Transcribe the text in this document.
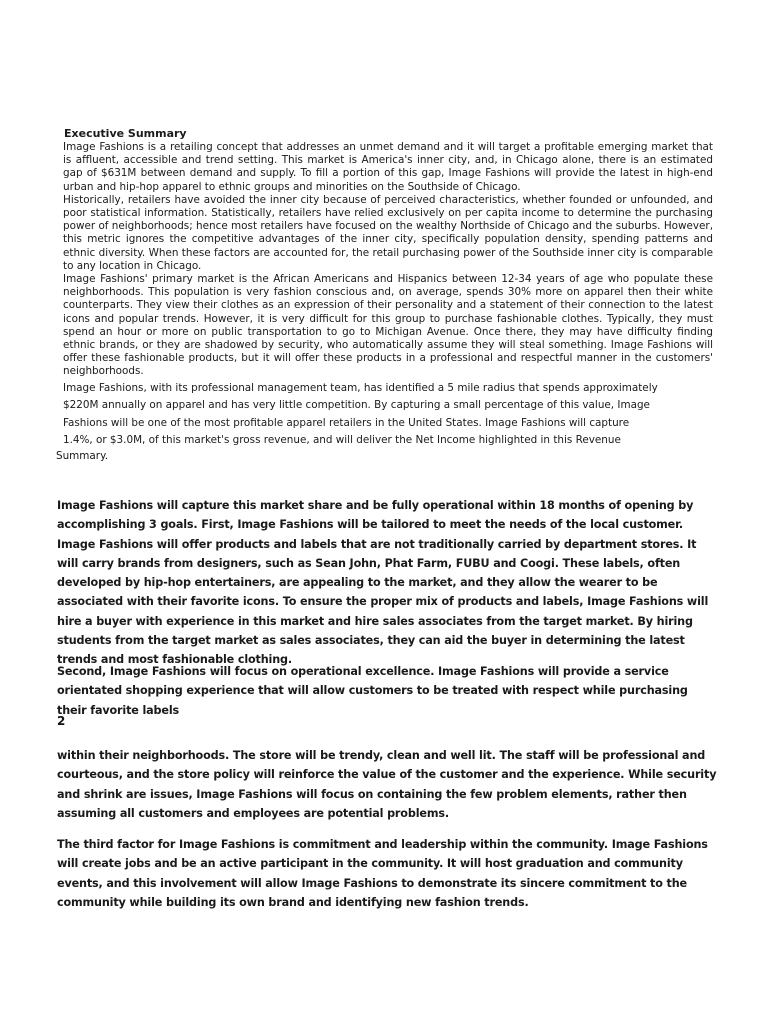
Executive Summary

Image Fashions is a retailing concept that addresses an unmet demand and it will target a profitable emerging market that is affluent, accessible and trend setting. This market is America's inner city, and, in Chicago alone, there is an estimated gap of $631M between demand and supply. To fill a portion of this gap, Image Fashions will provide the latest in high-end urban and hip-hop apparel to ethnic groups and minorities on the Southside of Chicago.

Historically, retailers have avoided the inner city because of perceived characteristics, whether founded or unfounded, and poor statistical information. Statistically, retailers have relied exclusively on per capita income to determine the purchasing power of neighborhoods; hence most retailers have focused on the wealthy Northside of Chicago and the suburbs. However, this metric ignores the competitive advantages of the inner city, specifically population density, spending patterns and ethnic diversity. When these factors are accounted for, the retail purchasing power of the Southside inner city is comparable to any location in Chicago.

Image Fashions' primary market is the African Americans and Hispanics between 12-34 years of age who populate these neighborhoods. This population is very fashion conscious and, on average, spends 30% more on apparel then their white counterparts. They view their clothes as an expression of their personality and a statement of their connection to the latest icons and popular trends. However, it is very difficult for this group to purchase fashionable clothes. Typically, they must spend an hour or more on public transportation to go to Michigan Avenue. Once there, they may have difficulty finding ethnic brands, or they are shadowed by security, who automatically assume they will steal something. Image Fashions will offer these fashionable products, but it will offer these products in a professional and respectful manner in the customers' neighborhoods.

Image Fashions, with its professional management team, has identified a 5 mile radius that spends approximately
$220M annually on apparel and has very little competition. By capturing a small percentage of this value, Image
Fashions will be one of the most profitable apparel retailers in the United States. Image Fashions will capture
1.4%, or $3.0M, of this market's gross revenue, and will deliver the Net Income highlighted in this Revenue
Summary.

Image Fashions will capture this market share and be fully operational within 18 months of opening by accomplishing 3 goals. First, Image Fashions will be tailored to meet the needs of the local customer. Image Fashions will offer products and labels that are not traditionally carried by department stores. It will carry brands from designers, such as Sean John, Phat Farm, FUBU and Coogi. These labels, often developed by hip-hop entertainers, are appealing to the market, and they allow the wearer to be associated with their favorite icons. To ensure the proper mix of products and labels, Image Fashions will hire a buyer with experience in this market and hire sales associates from the target market. By hiring students from the target market as sales associates, they can aid the buyer in determining the latest trends and most fashionable clothing.

Second, Image Fashions will focus on operational excellence. Image Fashions will provide a service orientated shopping experience that will allow customers to be treated with respect while purchasing their favorite labels

2

within their neighborhoods. The store will be trendy, clean and well lit. The staff will be professional and courteous, and the store policy will reinforce the value of the customer and the experience. While security and shrink are issues, Image Fashions will focus on containing the few problem elements, rather then assuming all customers and employees are potential problems.

The third factor for Image Fashions is commitment and leadership within the community. Image Fashions will create jobs and be an active participant in the community. It will host graduation and community events, and this involvement will allow Image Fashions to demonstrate its sincere commitment to the community while building its own brand and identifying new fashion trends.
